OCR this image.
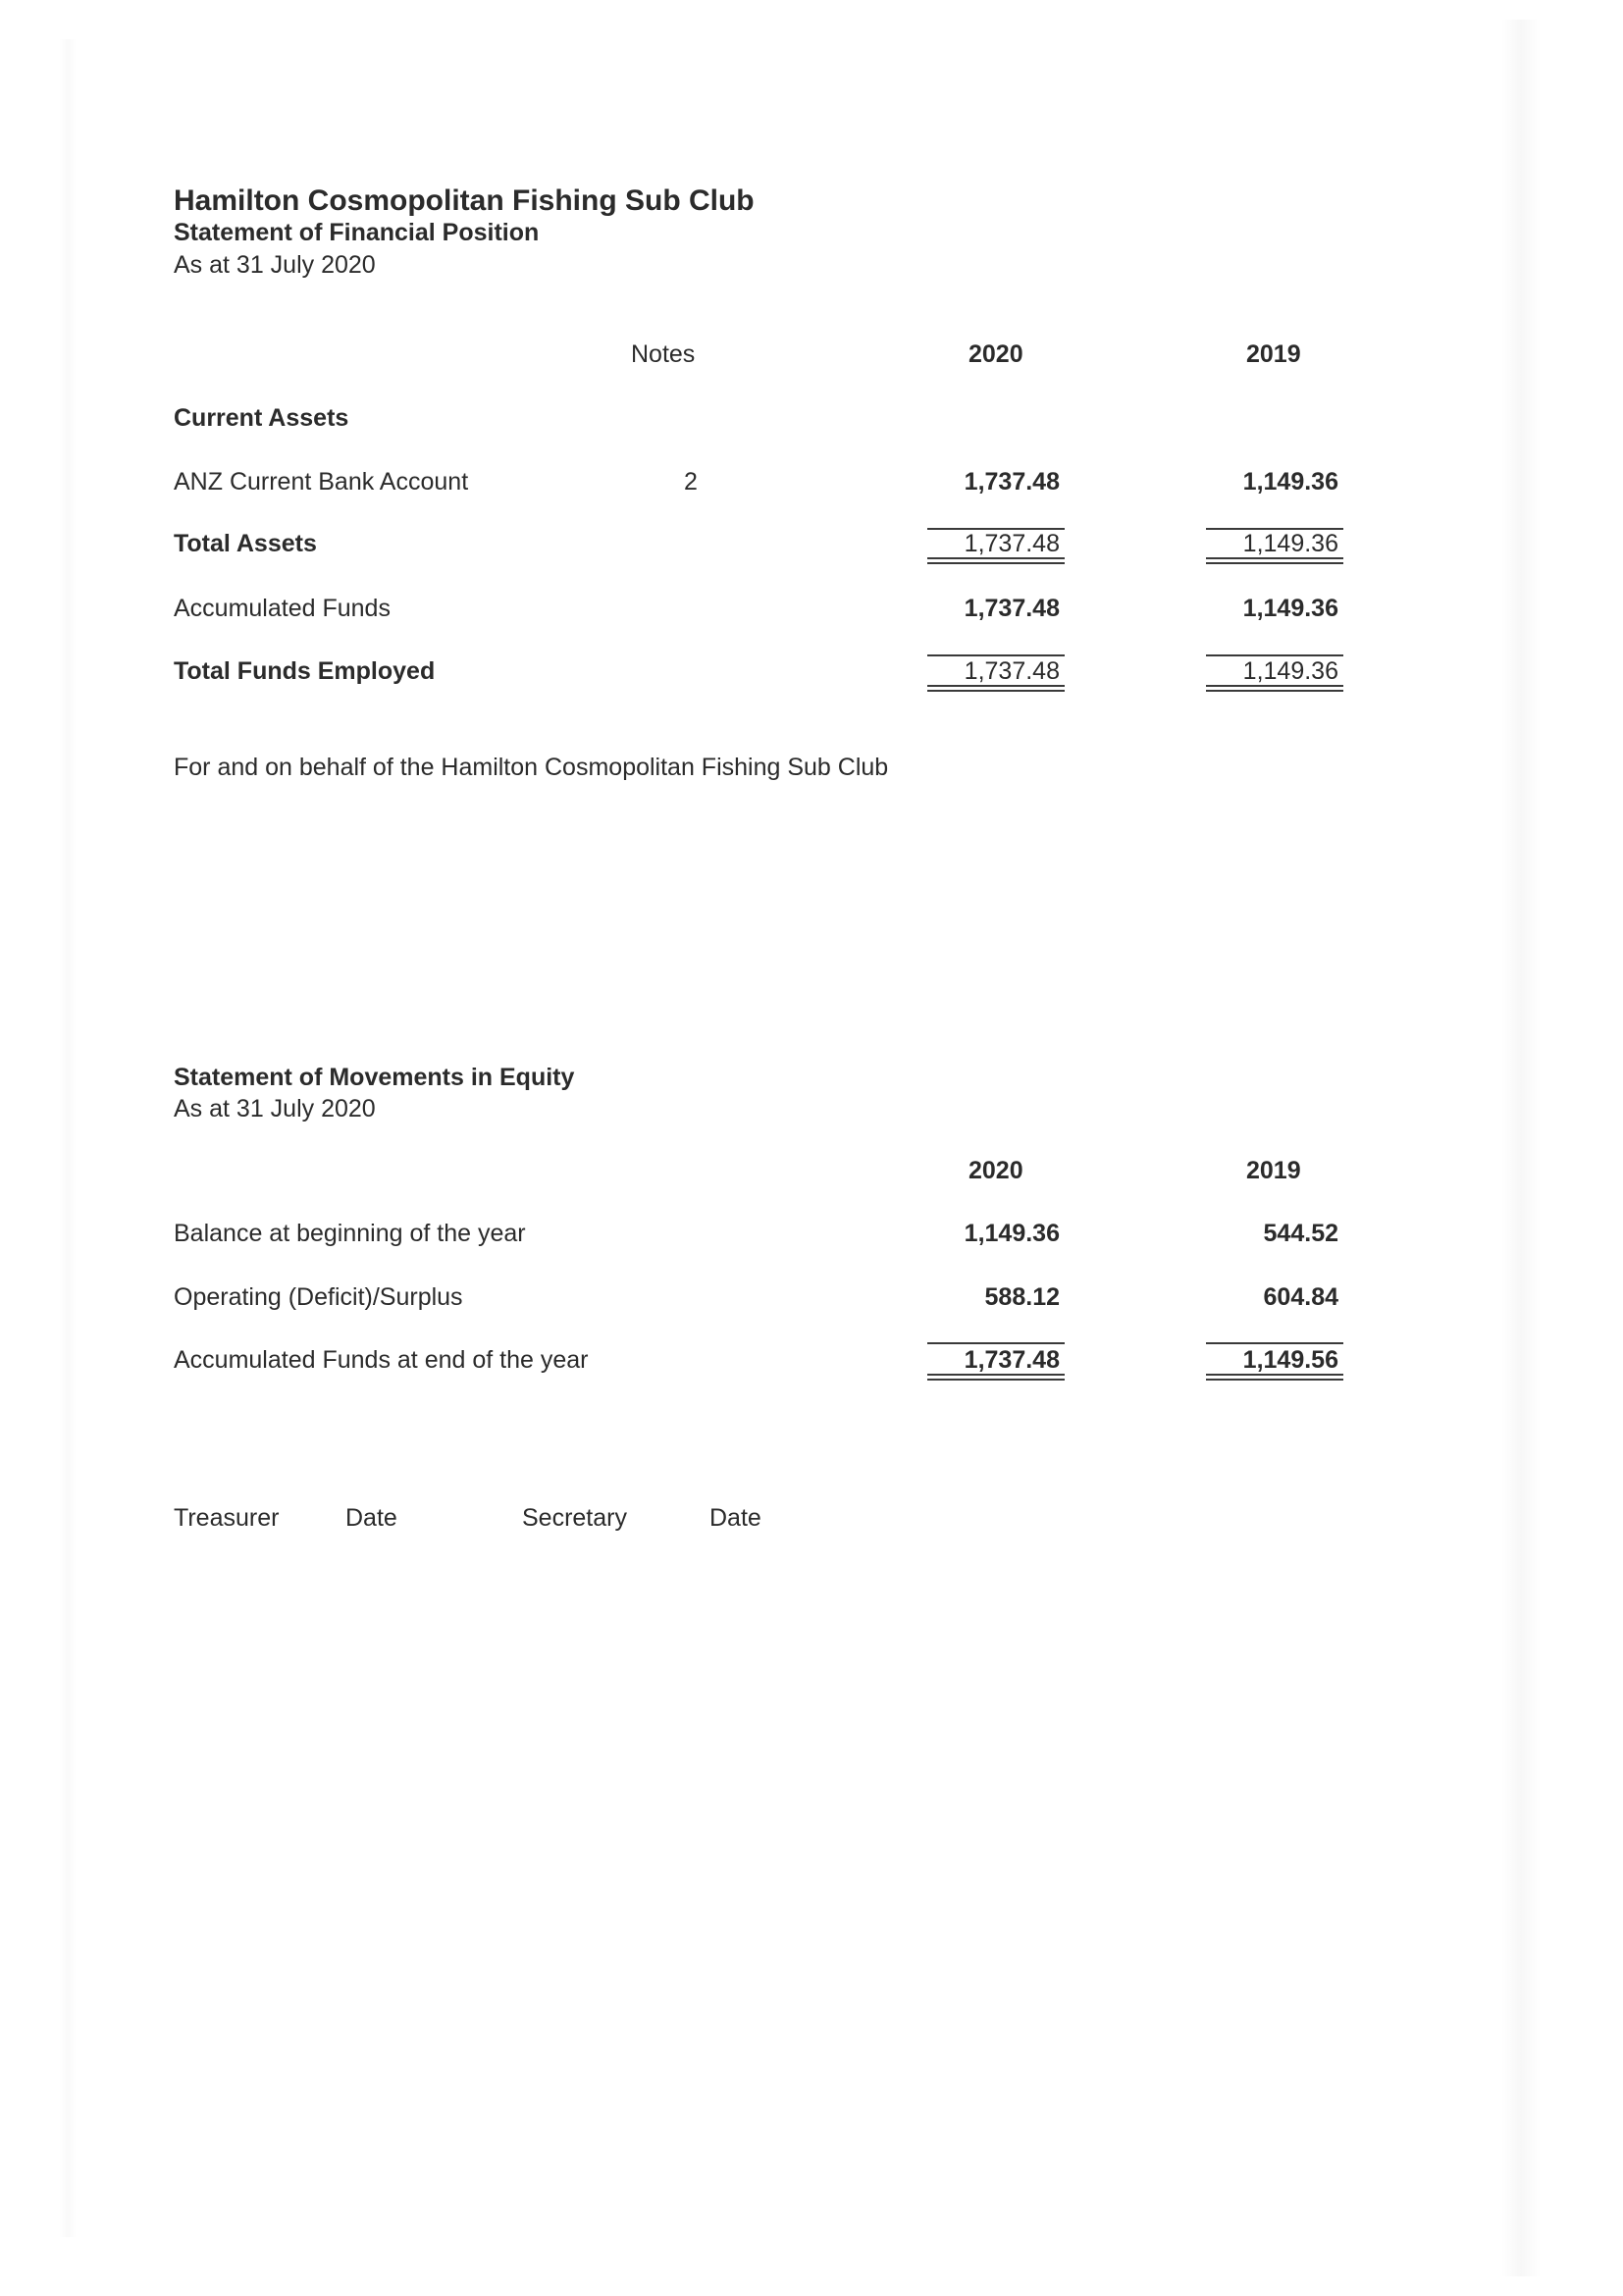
Hamilton Cosmopolitan Fishing Sub Club
Statement of Financial Position
As at 31 July 2020
Notes	2020	2019
Current Assets
ANZ Current Bank Account	2	1,737.48	1,149.36
Total Assets	1,737.48	1,149.36
Accumulated Funds	1,737.48	1,149.36
Total Funds Employed	1,737.48	1,149.36
For and on behalf of the Hamilton Cosmopolitan Fishing Sub Club
Statement of Movements in Equity
As at 31 July 2020
2020	2019
Balance at beginning of the year	1,149.36	544.52
Operating (Deficit)/Surplus	588.12	604.84
Accumulated Funds at end of the year	1,737.48	1,149.56
Treasurer	Date	Secretary	Date
